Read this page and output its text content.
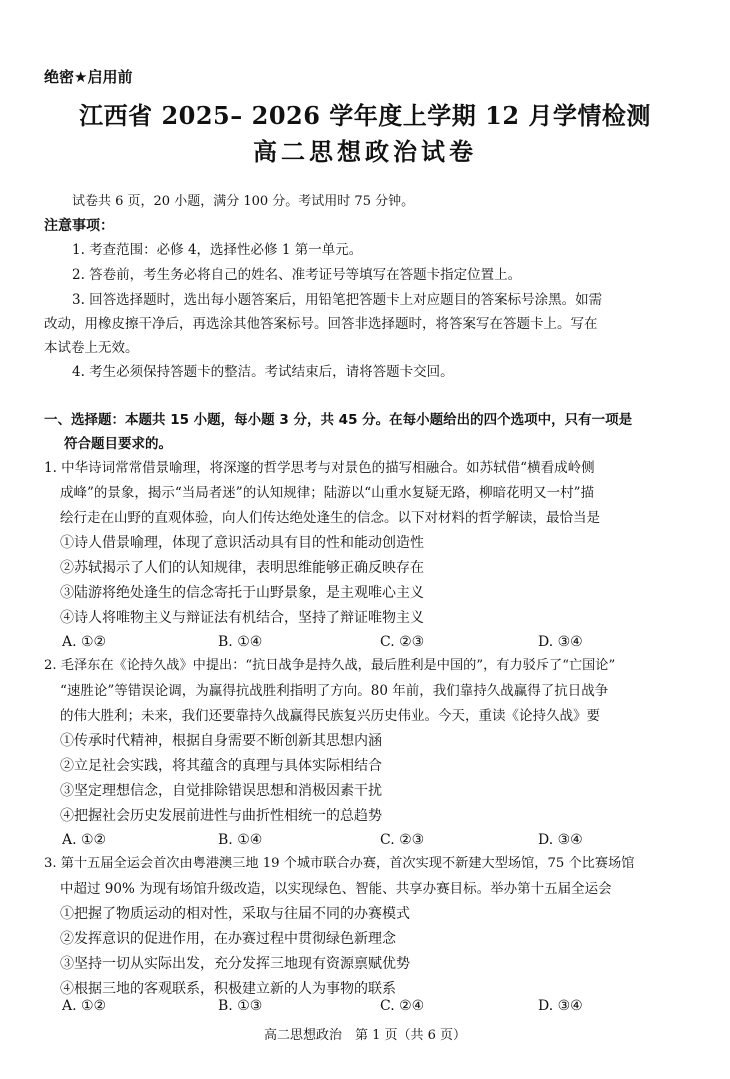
绝密★启用前
江西省 2025– 2026 学年度上学期 12 月学情检测
高二思想政治试卷
试卷共 6 页，20 小题，满分 100 分。考试用时 75 分钟。
注意事项：
1. 考查范围：必修 4，选择性必修 1 第一单元。
2. 答卷前，考生务必将自己的姓名、准考证号等填写在答题卡指定位置上。
3. 回答选择题时，选出每小题答案后，用铅笔把答题卡上对应题目的答案标号涂黑。如需
改动，用橡皮擦干净后，再选涂其他答案标号。回答非选择题时，将答案写在答题卡上。写在
本试卷上无效。
4. 考生必须保持答题卡的整洁。考试结束后，请将答题卡交回。
一、选择题：本题共 15 小题，每小题 3 分，共 45 分。在每小题给出的四个选项中，只有一项是
符合题目要求的。
1. 中华诗词常常借景喻理，将深邃的哲学思考与对景色的描写相融合。如苏轼借“横看成岭侧
成峰”的景象，揭示“当局者迷”的认知规律；陆游以“山重水复疑无路，柳暗花明又一村”描
绘行走在山野的直观体验，向人们传达绝处逢生的信念。以下对材料的哲学解读，最恰当是
①诗人借景喻理，体现了意识活动具有目的性和能动创造性
②苏轼揭示了人们的认知规律，表明思维能够正确反映存在
③陆游将绝处逢生的信念寄托于山野景象，是主观唯心主义
④诗人将唯物主义与辩证法有机结合，坚持了辩证唯物主义
A. ①②	B. ①④	C. ②③	D. ③④
2. 毛泽东在《论持久战》中提出：“抗日战争是持久战，最后胜利是中国的”，有力驳斥了“亡国论”
“速胜论”等错误论调，为赢得抗战胜利指明了方向。80 年前，我们靠持久战赢得了抗日战争
的伟大胜利；未来，我们还要靠持久战赢得民族复兴历史伟业。今天，重读《论持久战》要
①传承时代精神，根据自身需要不断创新其思想内涵
②立足社会实践，将其蕴含的真理与具体实际相结合
③坚定理想信念，自觉排除错误思想和消极因素干扰
④把握社会历史发展前进性与曲折性相统一的总趋势
A. ①②	B. ①④	C. ②③	D. ③④
3. 第十五届全运会首次由粤港澳三地 19 个城市联合办赛，首次实现不新建大型场馆，75 个比赛场馆
中超过 90% 为现有场馆升级改造，以实现绿色、智能、共享办赛目标。举办第十五届全运会
①把握了物质运动的相对性，采取与往届不同的办赛模式
②发挥意识的促进作用，在办赛过程中贯彻绿色新理念
③坚持一切从实际出发，充分发挥三地现有资源禀赋优势
④根据三地的客观联系，积极建立新的人为事物的联系
A. ①②	B. ①③	C. ②④	D. ③④
高二思想政治　第 1 页（共 6 页）
